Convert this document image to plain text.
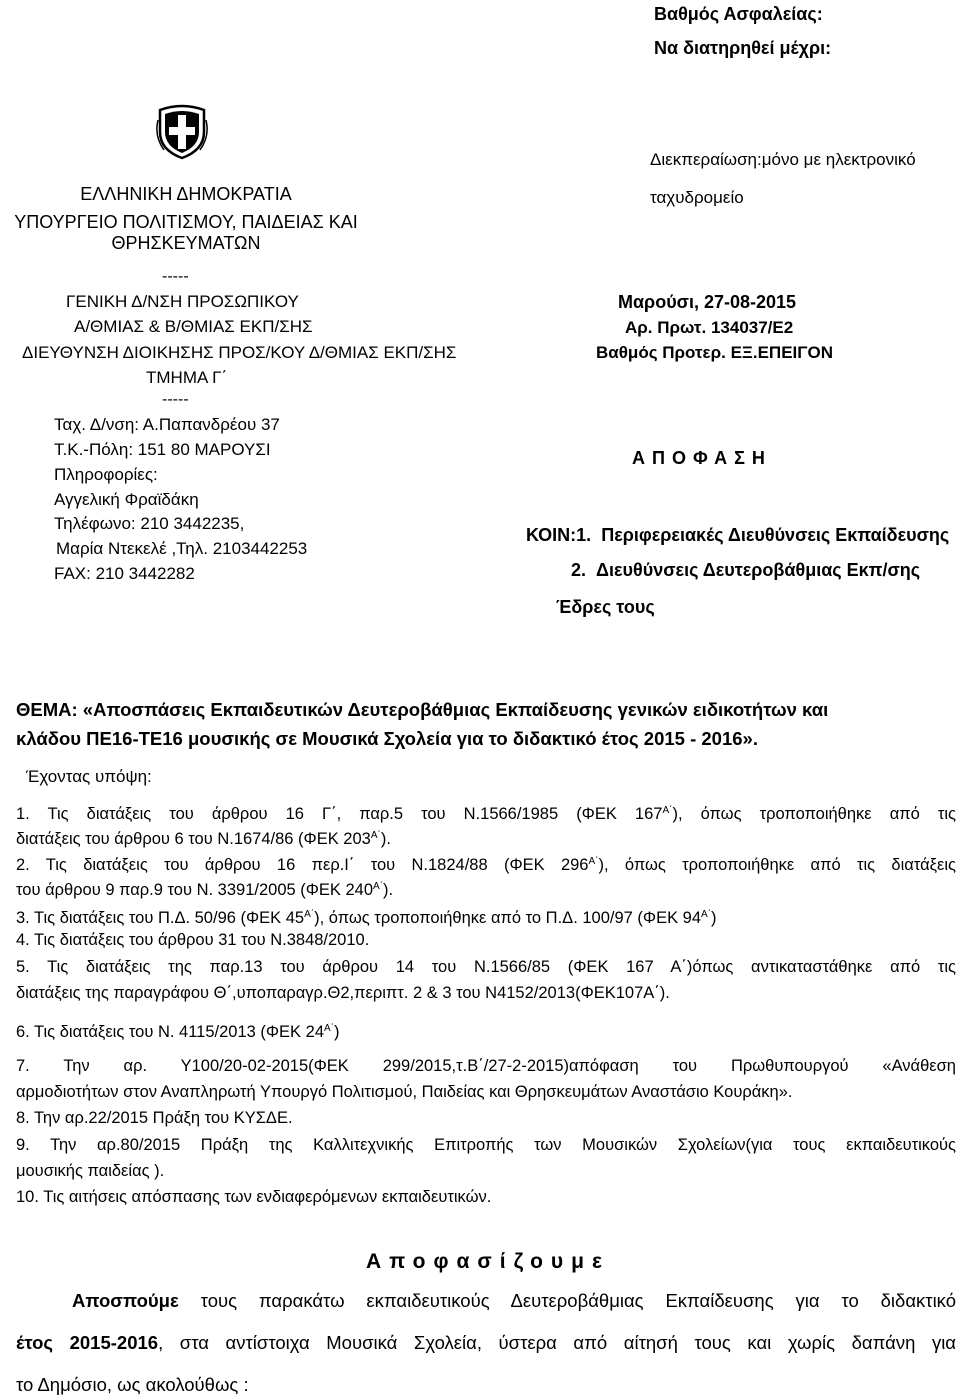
Βαθμός Ασφαλείας:
Να διατηρηθεί μέχρι:
Διεκπεραίωση:μόνο με ηλεκτρονικό
ταχυδρομείο
ΕΛΛΗΝΙΚΗ ΔΗΜΟΚΡΑΤΙΑ
ΥΠΟΥΡΓΕΙΟ ΠΟΛΙΤΙΣΜΟΥ, ΠΑΙΔΕΙΑΣ ΚΑΙ ΘΡΗΣΚΕΥΜΑΤΩΝ
-----
ΓΕΝΙΚΗ Δ/ΝΣΗ ΠΡΟΣΩΠΙΚΟΥ
Α/ΘΜΙΑΣ & Β/ΘΜΙΑΣ ΕΚΠ/ΣΗΣ
ΔΙΕΥΘΥΝΣΗ ΔΙΟΙΚΗΣΗΣ ΠΡΟΣ/ΚΟΥ Δ/ΘΜΙΑΣ ΕΚΠ/ΣΗΣ
ΤΜΗΜΑ Γ΄
-----
Ταχ. Δ/νση: Α.Παπανδρέου 37
Τ.Κ.-Πόλη: 151 80 ΜΑΡΟΥΣΙ
Πληροφορίες:
Αγγελική Φραϊδάκη
Τηλέφωνο: 210 3442235,
Μαρία Ντεκελέ ,Τηλ. 2103442253
FAX: 210 3442282
Μαρούσι, 27-08-2015
Αρ. Πρωτ. 134037/Ε2
Βαθμός Προτερ. ΕΞ.ΕΠΕΙΓΟΝ
Α Π Ο Φ Α Σ Η
ΚΟΙΝ:1. Περιφερειακές Διευθύνσεις Εκπαίδευσης
2. Διευθύνσεις Δευτεροβάθμιας Εκπ/σης
Έδρες τους
ΘΕΜΑ: «Αποσπάσεις Εκπαιδευτικών Δευτεροβάθμιας Εκπαίδευσης γενικών ειδικοτήτων και
κλάδου ΠΕ16-ΤΕ16 μουσικής σε Μουσικά Σχολεία για το διδακτικό έτος 2015 - 2016».
Έχοντας υπόψη:
1. Τις διατάξεις του άρθρου 16 Γ΄, παρ.5 του Ν.1566/1985 (ΦΕΚ $167^{A΄}$), όπως τροποποιήθηκε από τις
διατάξεις του άρθρου 6 του Ν.1674/86 (ΦΕΚ $203^{A΄}$).
2. Τις διατάξεις του άρθρου 16 περ.Ι΄ του Ν.1824/88 (ΦΕΚ $296^{A΄}$), όπως τροποποιήθηκε από τις διατάξεις
του άρθρου 9 παρ.9 του Ν. 3391/2005 (ΦΕΚ $240^{A΄}$).
3. Τις διατάξεις του Π.Δ. 50/96 (ΦΕΚ $45^{A΄}$), όπως τροποποιήθηκε από το Π.Δ. 100/97 (ΦΕΚ $94^{A΄}$)
4. Τις διατάξεις του άρθρου 31 του Ν.3848/2010.
5. Τις διατάξεις της παρ.13 του άρθρου 14 του Ν.1566/85 (ΦΕΚ 167 Α΄)όπως αντικαταστάθηκε από τις
διατάξεις της παραγράφου Θ΄,υποπαραγρ.Θ2,περιπτ. 2 & 3 του Ν4152/2013(ΦΕΚ107Α΄).
6. Τις διατάξεις του Ν. 4115/2013 (ΦΕΚ $24^{A΄}$)
7. Την αρ. Υ100/20-02-2015(ΦΕΚ 299/2015,τ.Β΄/27-2-2015)απόφαση του Πρωθυπουργού «Ανάθεση
αρμοδιοτήτων στον Αναπληρωτή Υπουργό Πολιτισμού, Παιδείας και Θρησκευμάτων Αναστάσιο Κουράκη».
8. Την αρ.22/2015 Πράξη του ΚΥΣΔΕ.
9. Την αρ.80/2015 Πράξη της Καλλιτεχνικής Επιτροπής των Μουσικών Σχολείων(για τους εκπαιδευτικούς
μουσικής παιδείας ).
10. Τις αιτήσεις απόσπασης των ενδιαφερόμενων εκπαιδευτικών.
Αποφασίζουμε
Αποσπούμε τους παρακάτω εκπαιδευτικούς Δευτεροβάθμιας Εκπαίδευσης για το διδακτικό
έτος 2015-2016, στα αντίστοιχα Μουσικά Σχολεία, ύστερα από αίτησή τους και χωρίς δαπάνη για
το Δημόσιο, ως ακολούθως :
